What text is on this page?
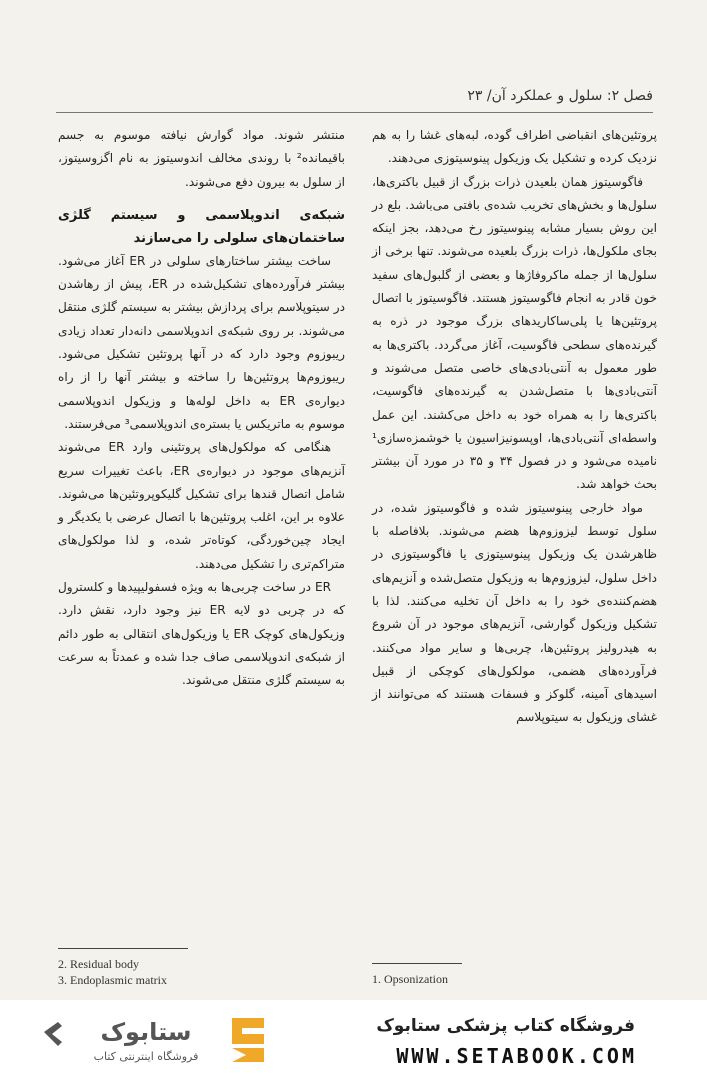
فصل ۲: سلول و عملکرد آن/ ۲۳

پروتئین‌های انقباضی اطراف گوده، لبه‌های غشا را به هم نزدیک کرده و تشکیل یک وزیکول پینوسیتوزی می‌دهند.

فاگوسیتوز همان بلعیدن ذرات بزرگ از قبیل باکتری‌ها، سلول‌ها و بخش‌های تخریب شده‌ی بافتی می‌باشد. بلع در این روش بسیار مشابه پینوسیتوز رخ می‌دهد، بجز اینکه بجای ملکول‌ها، ذرات بزرگ بلعیده می‌شوند. تنها برخی از سلول‌ها از جمله ماکروفاژ‌ها و بعضی از گلبول‌های سفید خون قادر به انجام فاگوسیتوز هستند. فاگوسیتوز با اتصال پروتئین‌ها یا پلی‌ساکاریدهای بزرگ موجود در ذره به گیرنده‌های سطحی فاگوسیت، آغاز می‌گردد. باکتری‌ها به طور معمول به آنتی‌بادی‌های خاصی متصل می‌شوند و آنتی‌بادی‌ها با متصل‌شدن به گیرنده‌های فاگوسیت، باکتری‌ها را به همراه خود به داخل می‌کشند. این عمل واسطه‌ای آنتی‌بادی‌ها، اوپسونیزاسیون یا خوشمزه‌سازی¹ نامیده می‌شود و در فصول ۳۴ و ۳۵ در مورد آن بیشتر بحث خواهد شد.

مواد خارجی پینوسیتوز شده و فاگوسیتوز شده، در سلول توسط لیزوزوم‌ها هضم می‌شوند. بلافاصله با ظاهرشدن یک وزیکول پینوسیتوزی یا فاگوسیتوزی در داخل سلول، لیزوزوم‌ها به وزیکول متصل‌شده و آنزیم‌های هضم‌کننده‌ی خود را به داخل آن تخلیه می‌کنند. لذا با تشکیل وزیکول گوارشی، آنزیم‌های موجود در آن شروع به هیدرولیز پروتئین‌ها، چربی‌ها و سایر مواد می‌کنند. فرآورده‌های هضمی، مولکول‌های کوچکی از قبیل اسیدهای آمینه، گلوکز و فسفات هستند که می‌توانند از غشای وزیکول به سیتوپلاسم

منتشر شوند. مواد گوارش نیافته موسوم به جسم باقیمانده² با روندی مخالف اندوسیتوز به نام اگزوسیتوز، از سلول به بیرون دفع می‌شوند.

شبکه‌ی اندوپلاسمی و سیستم گلژی ساختمان‌های سلولی را می‌سازند

ساخت بیشتر ساختارهای سلولی در ER آغاز می‌شود. بیشتر فرآورده‌های تشکیل‌شده در ER، پیش از رهاشدن در سیتوپلاسم برای پردازش بیشتر به سیستم گلژی منتقل می‌شوند. بر روی شبکه‌ی اندوپلاسمی دانه‌دار تعداد زیادی ریبوزوم وجود دارد که در آنها پروتئین تشکیل می‌شود. ریبوزوم‌ها پروتئین‌ها را ساخته و بیشتر آنها را از راه دیواره‌ی ER به داخل لوله‌ها و وزیکول اندوپلاسمی موسوم به ماتریکس یا بستره‌ی اندوپلاسمی³ می‌فرستند.

هنگامی که مولکول‌های پروتئینی وارد ER می‌شوند آنزیم‌های موجود در دیواره‌ی ER، باعث تغییرات سریع شامل اتصال قندها برای تشکیل گلیکوپروتئین‌ها می‌شوند. علاوه بر این، اغلب پروتئین‌ها با اتصال عرضی با یکدیگر و ایجاد چین‌خوردگی، کوتاه‌تر شده، و لذا مولکول‌های متراکم‌تری را تشکیل می‌دهند.

ER در ساخت چربی‌ها به ویژه فسفولیپیدها و کلسترول که در چربی دو لایه ER نیز وجود دارد، نقش دارد. وزیکول‌های کوچک ER یا وزیکول‌های انتقالی به طور دائم از شبکه‌ی اندوپلاسمی صاف جدا شده و عمدتاً به سرعت به سیستم گلژی منتقل می‌شوند.

1. Opsonization
2. Residual body
3. Endoplasmic matrix
ستابوک
فروشگاه اینترنتی کتاب
فروشگاه کتاب پزشکی ستابوک
WWW.SETABOOK.COM
